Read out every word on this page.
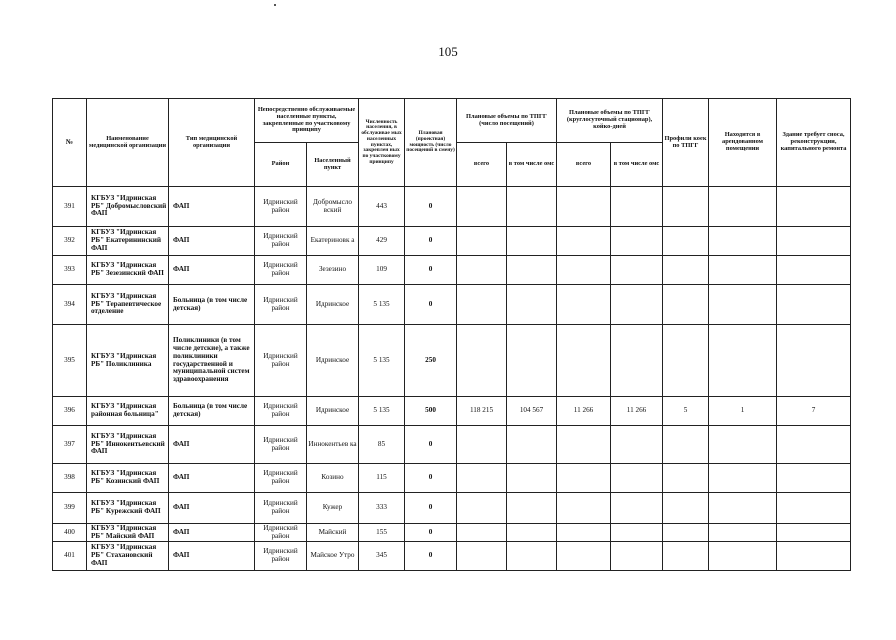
105
№	Наименование медицинской организации	Тип медицинской организации	Непосредственно обслуживаемые населенные пункты, закрепленные по участковому принципу		Численность населения, в обслуживае мых населенных пунктах, закреплен ных по участковому принципу	Плановая (проектная) мощность (число посещений в смену)	Плановые объемы по ТПГГ (число посещений)		Плановые объемы по ТПГГ (круглосуточный стационар), койко-дней		Профили коек по ТПГГ	Находится в арендованном помещении	Здание требует сноса, реконструкции, капитального ремонта
			Район	Населенный пункт			всего	в том числе омс	всего	в том числе омс			
391	КГБУЗ "Идринская РБ" Добромысловский ФАП	ФАП	Идринский район	Добромысло вский	443	0							
392	КГБУЗ "Идринская РБ" Екатерининский ФАП	ФАП	Идринский район	Екатериновк а	429	0							
393	КГБУЗ "Идринская РБ" Зезезинский ФАП	ФАП	Идринский район	Зезезино	109	0							
394	КГБУЗ "Идринская РБ" Терапевтическое отделение	Больница (в том числе детская)	Идринский район	Идринское	5 135	0							
395	КГБУЗ "Идринская РБ" Поликлиника	Поликлиники (в том числе детские), а также поликлиники государственной и муниципальной систем здравоохранения	Идринский район	Идринское	5 135	250							
396	КГБУЗ "Идринская районная больница"	Больница (в том числе детская)	Идринский район	Идринское	5 135	500	118 215	104 567	11 266	11 266	5	1	7
397	КГБУЗ "Идринская РБ" Иннокентьевский ФАП	ФАП	Идринский район	Иннокентьев ка	85	0							
398	КГБУЗ "Идринская РБ" Козинский ФАП	ФАП	Идринский район	Козино	115	0							
399	КГБУЗ "Идринская РБ" Курежский ФАП	ФАП	Идринский район	Кужер	333	0							
400	КГБУЗ "Идринская РБ" Майский ФАП	ФАП	Идринский район	Майский	155	0							
401	КГБУЗ "Идринская РБ" Стахановский ФАП	ФАП	Идринский район	Майское Утро	345	0							
